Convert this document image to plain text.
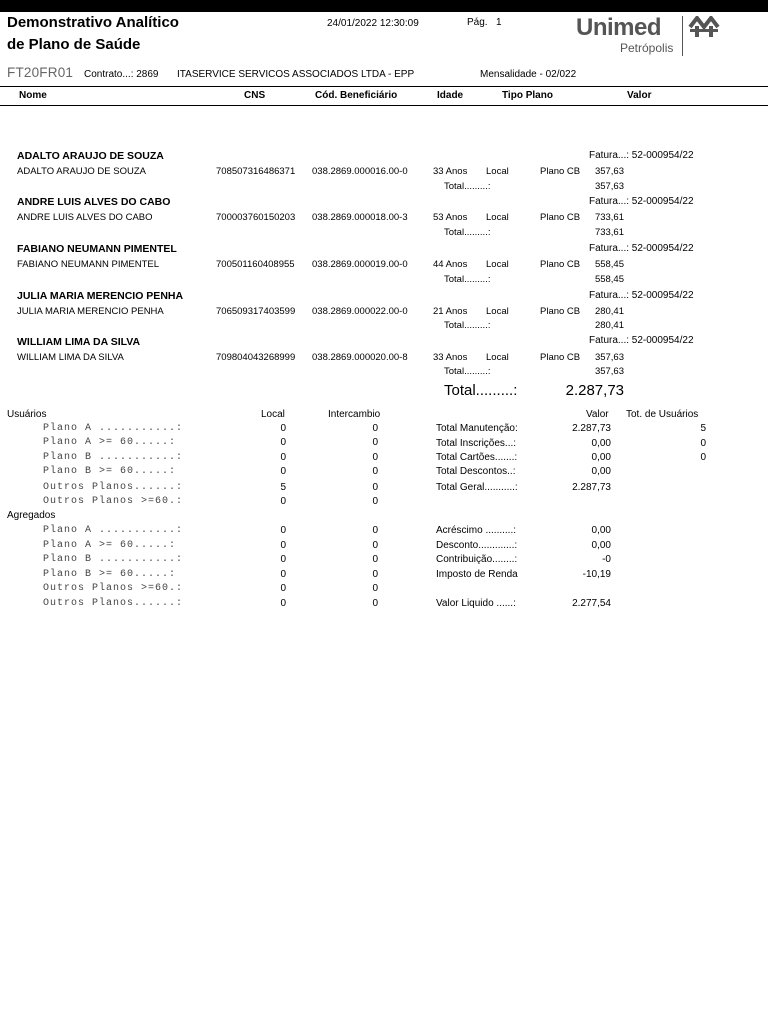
Demonstrativo Analítico
de Plano de Saúde
24/01/2022 12:30:09	Pág. 1	Unimed
Petrópolis
FT20FR01 Contrato...: 2869 ITASERVICE SERVICOS ASSOCIADOS LTDA - EPP	Mensalidade - 02/022
Nome	CNS	Cód. Beneficiário	Idade	Tipo Plano	Valor
ADALTO ARAUJO DE SOUZA	Fatura...: 52-000954/22
ADALTO ARAUJO DE SOUZA	708507316486371 038.2869.000016.00-0	33 Anos Local	Plano CB	357,63
Total.........:	357,63
ANDRE LUIS ALVES DO CABO	Fatura...: 52-000954/22
ANDRE LUIS ALVES DO CABO	700003760150203 038.2869.000018.00-3	53 Anos Local	Plano CB	733,61
Total.........:	733,61
FABIANO NEUMANN PIMENTEL	Fatura...: 52-000954/22
FABIANO NEUMANN PIMENTEL	700501160408955 038.2869.000019.00-0	44 Anos Local	Plano CB	558,45
Total.........:	558,45
JULIA MARIA MERENCIO PENHA	Fatura...: 52-000954/22
JULIA MARIA MERENCIO PENHA	706509317403599 038.2869.000022.00-0	21 Anos Local	Plano CB	280,41
Total.........:	280,41
WILLIAM LIMA DA SILVA	Fatura...: 52-000954/22
WILLIAM LIMA DA SILVA	709804043268999 038.2869.000020.00-8	33 Anos Local	Plano CB	357,63
Total.........:	357,63
Total.........:	2.287,73
Usuários	Local	Intercambio	Valor Tot. de Usuários
Plano A ...........:	0	0
Plano A >= 60.....:	0	0
Plano B ...........:	0	0
Plano B >= 60.....:	0	0
Outros Planos......:	5	0
Outros Planos >=60.:	0	0
Total Manutenção:	2.287,73	5
Total Inscrições...:	0,00	0
Total Cartões.......:	0,00	0
Total Descontos..:	0,00
Total Geral...........:	2.287,73
Agregados
Plano A ...........:	0	0
Plano A >= 60.....:	0	0
Plano B ...........:	0	0
Plano B >= 60.....:	0	0
Outros Planos >=60.:	0	0
Outros Planos......:	0	0
Acréscimo ..........:	0,00
Desconto.............:	0,00
Contribuição........:	-0
Imposto de Renda	-10,19
Valor Liquido ......:	2.277,54
